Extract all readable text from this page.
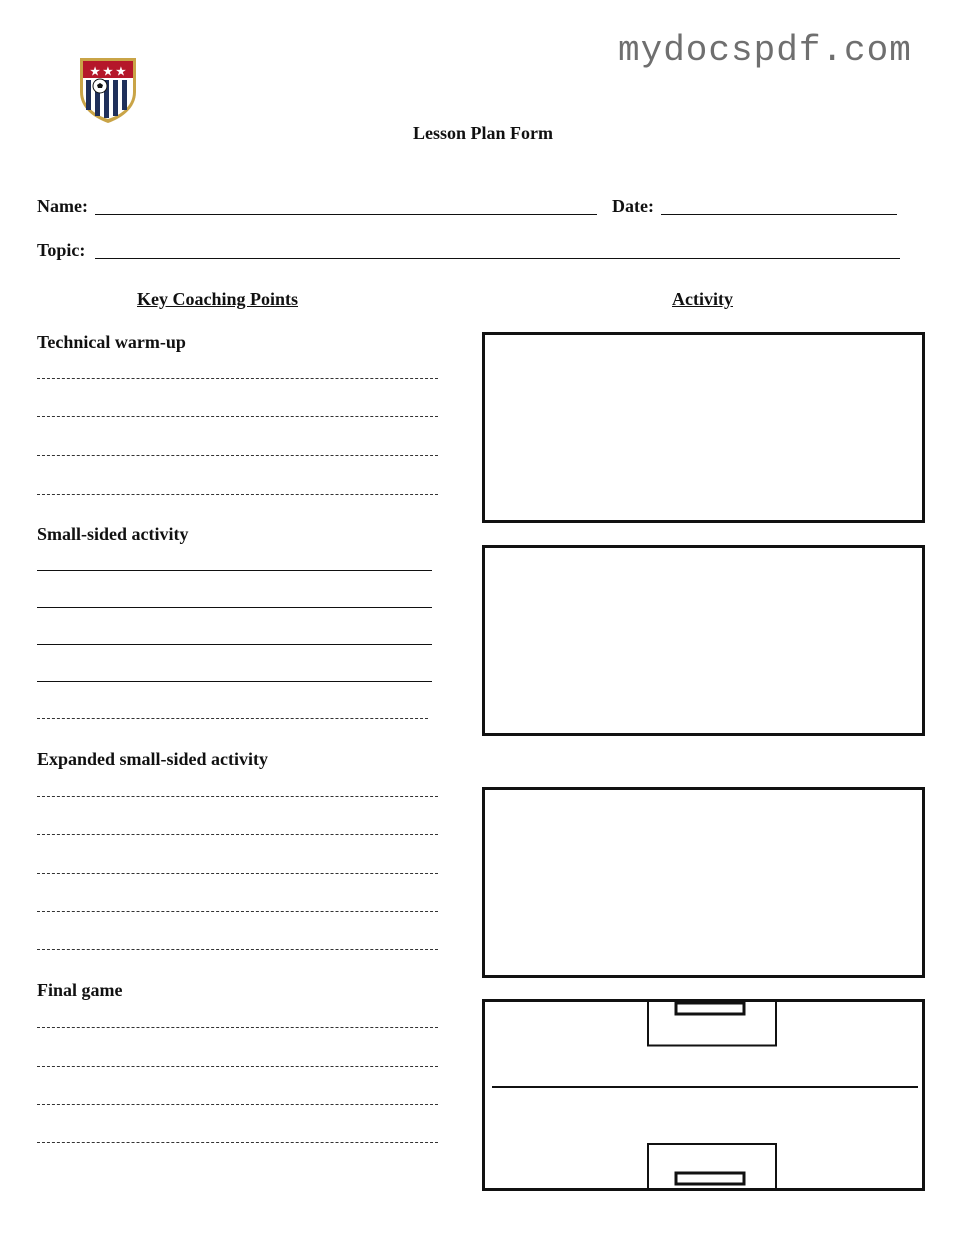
mydocspdf.com
★ ★ ★
Lesson Plan Form
Name:	Date:
Topic:
Key Coaching Points	Activity
Technical warm-up
Small-sided activity
Expanded small-sided activity
Final game
